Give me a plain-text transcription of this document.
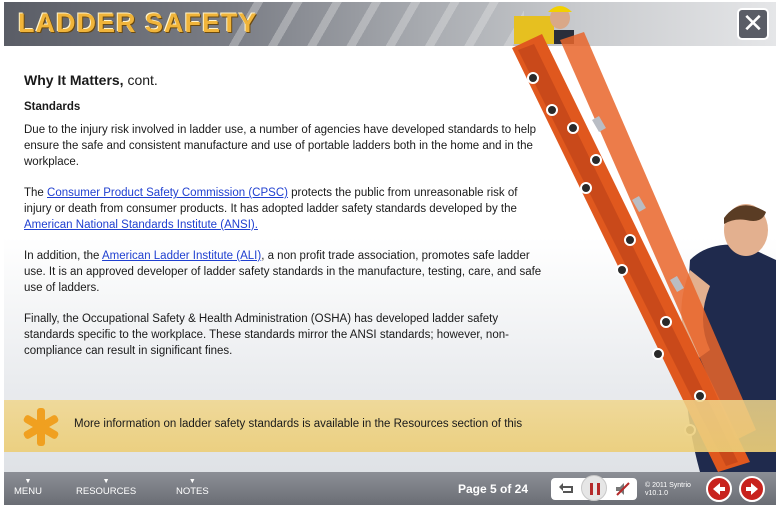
LADDER SAFETY	✕
Why It Matters, cont.
Standards

Due to the injury risk involved in ladder use, a number of agencies have developed standards to help ensure the safe and consistent manufacture and use of portable ladders both in the home and in the workplace.

The Consumer Product Safety Commission (CPSC) protects the public from unreasonable risk of injury or death from consumer products. It has adopted ladder safety standards developed by the American National Standards Institute (ANSI).

In addition, the American Ladder Institute (ALI), a non profit trade association, promotes safe ladder use. It is an approved developer of ladder safety standards in the manufacture, testing, care, and safe use of ladders.

Finally, the Occupational Safety & Health Administration (OSHA) has developed ladder safety standards specific to the workplace. These standards mirror the ANSI standards; however, non-compliance can result in significant fines.

More information on ladder safety standards is available in the Resources section of this
▼
MENU
▼
RESOURCES
▼
NOTES	Page 5 of 24	© 2011 Syntrio
v10.1.0
